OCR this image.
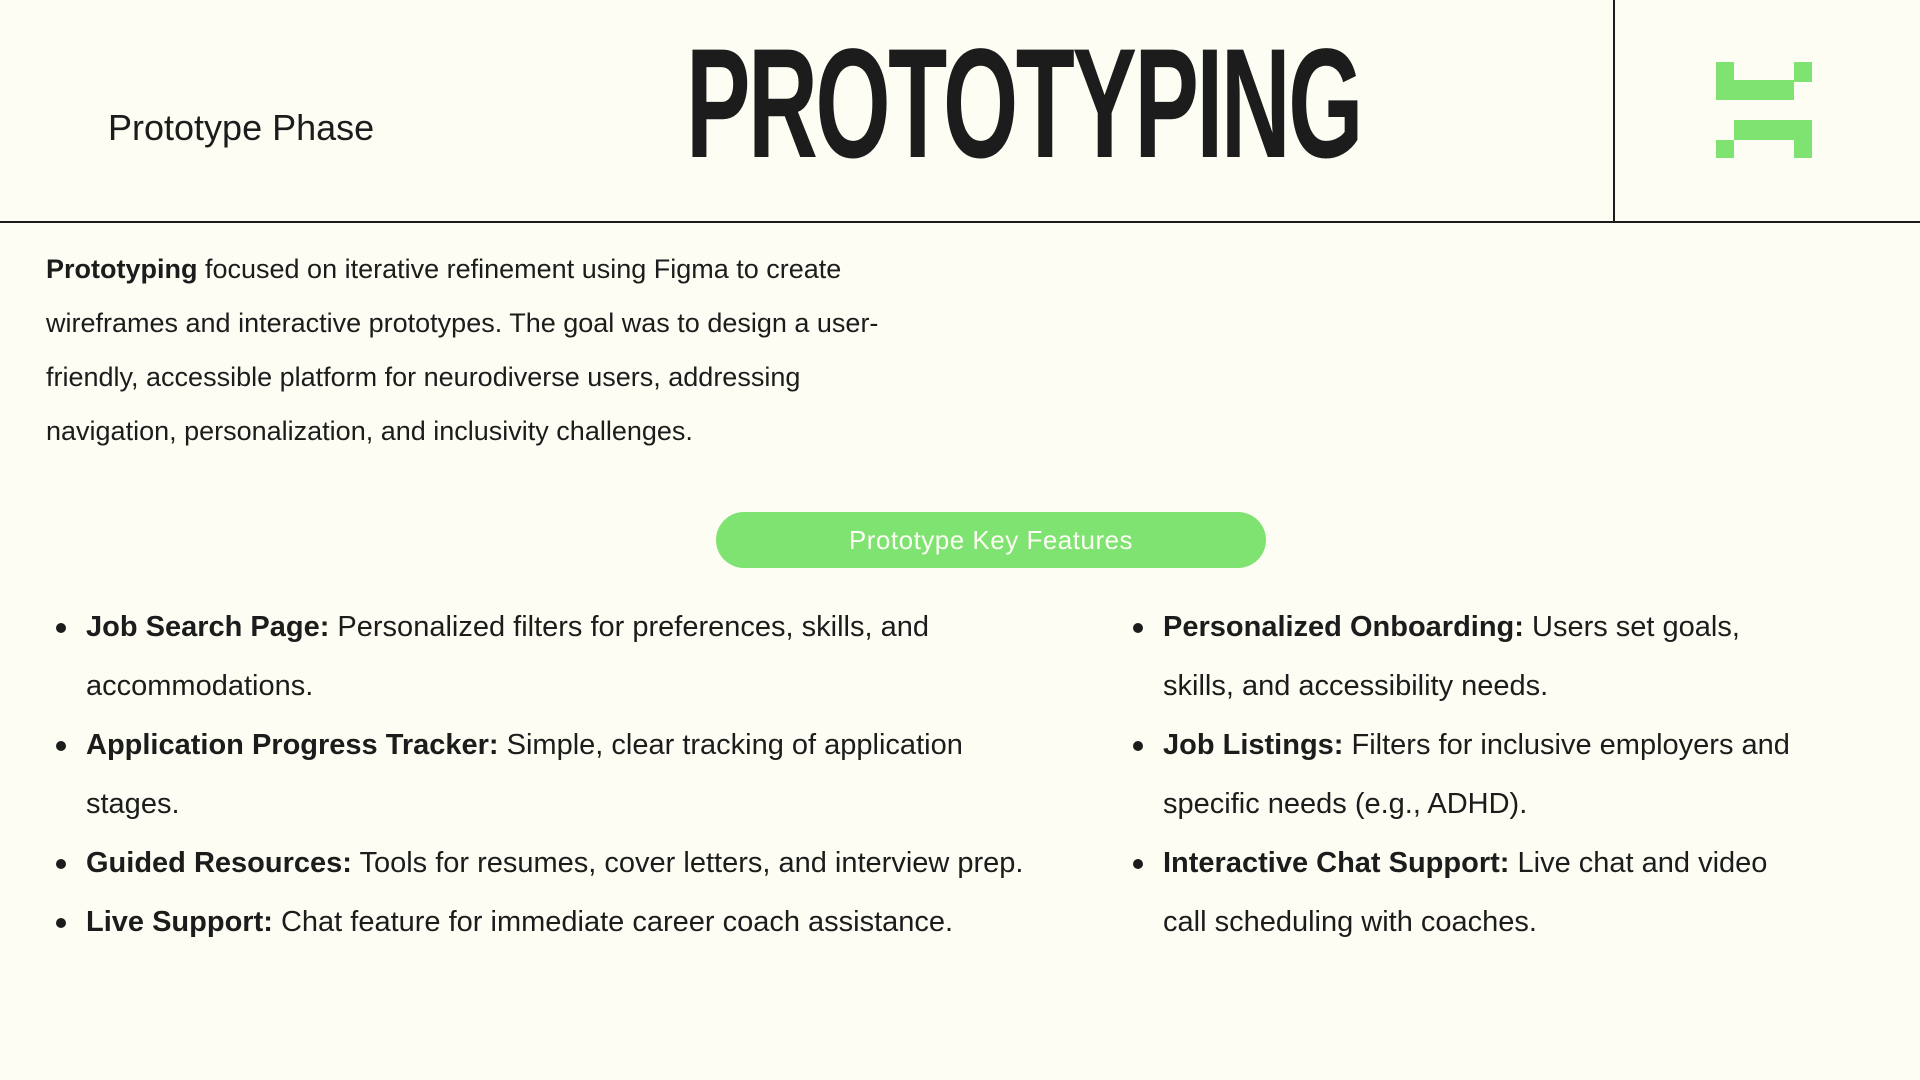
Prototype Phase PROTOTYPING
Prototyping focused on iterative refinement using Figma to create wireframes and interactive prototypes. The goal was to design a user-friendly, accessible platform for neurodiverse users, addressing navigation, personalization, and inclusivity challenges.
Prototype Key Features
Job Search Page: Personalized filters for preferences, skills, and accommodations.
Application Progress Tracker: Simple, clear tracking of application stages.
Guided Resources: Tools for resumes, cover letters, and interview prep.
Live Support: Chat feature for immediate career coach assistance.
Personalized Onboarding: Users set goals, skills, and accessibility needs.
Job Listings: Filters for inclusive employers and specific needs (e.g., ADHD).
Interactive Chat Support: Live chat and video call scheduling with coaches.
